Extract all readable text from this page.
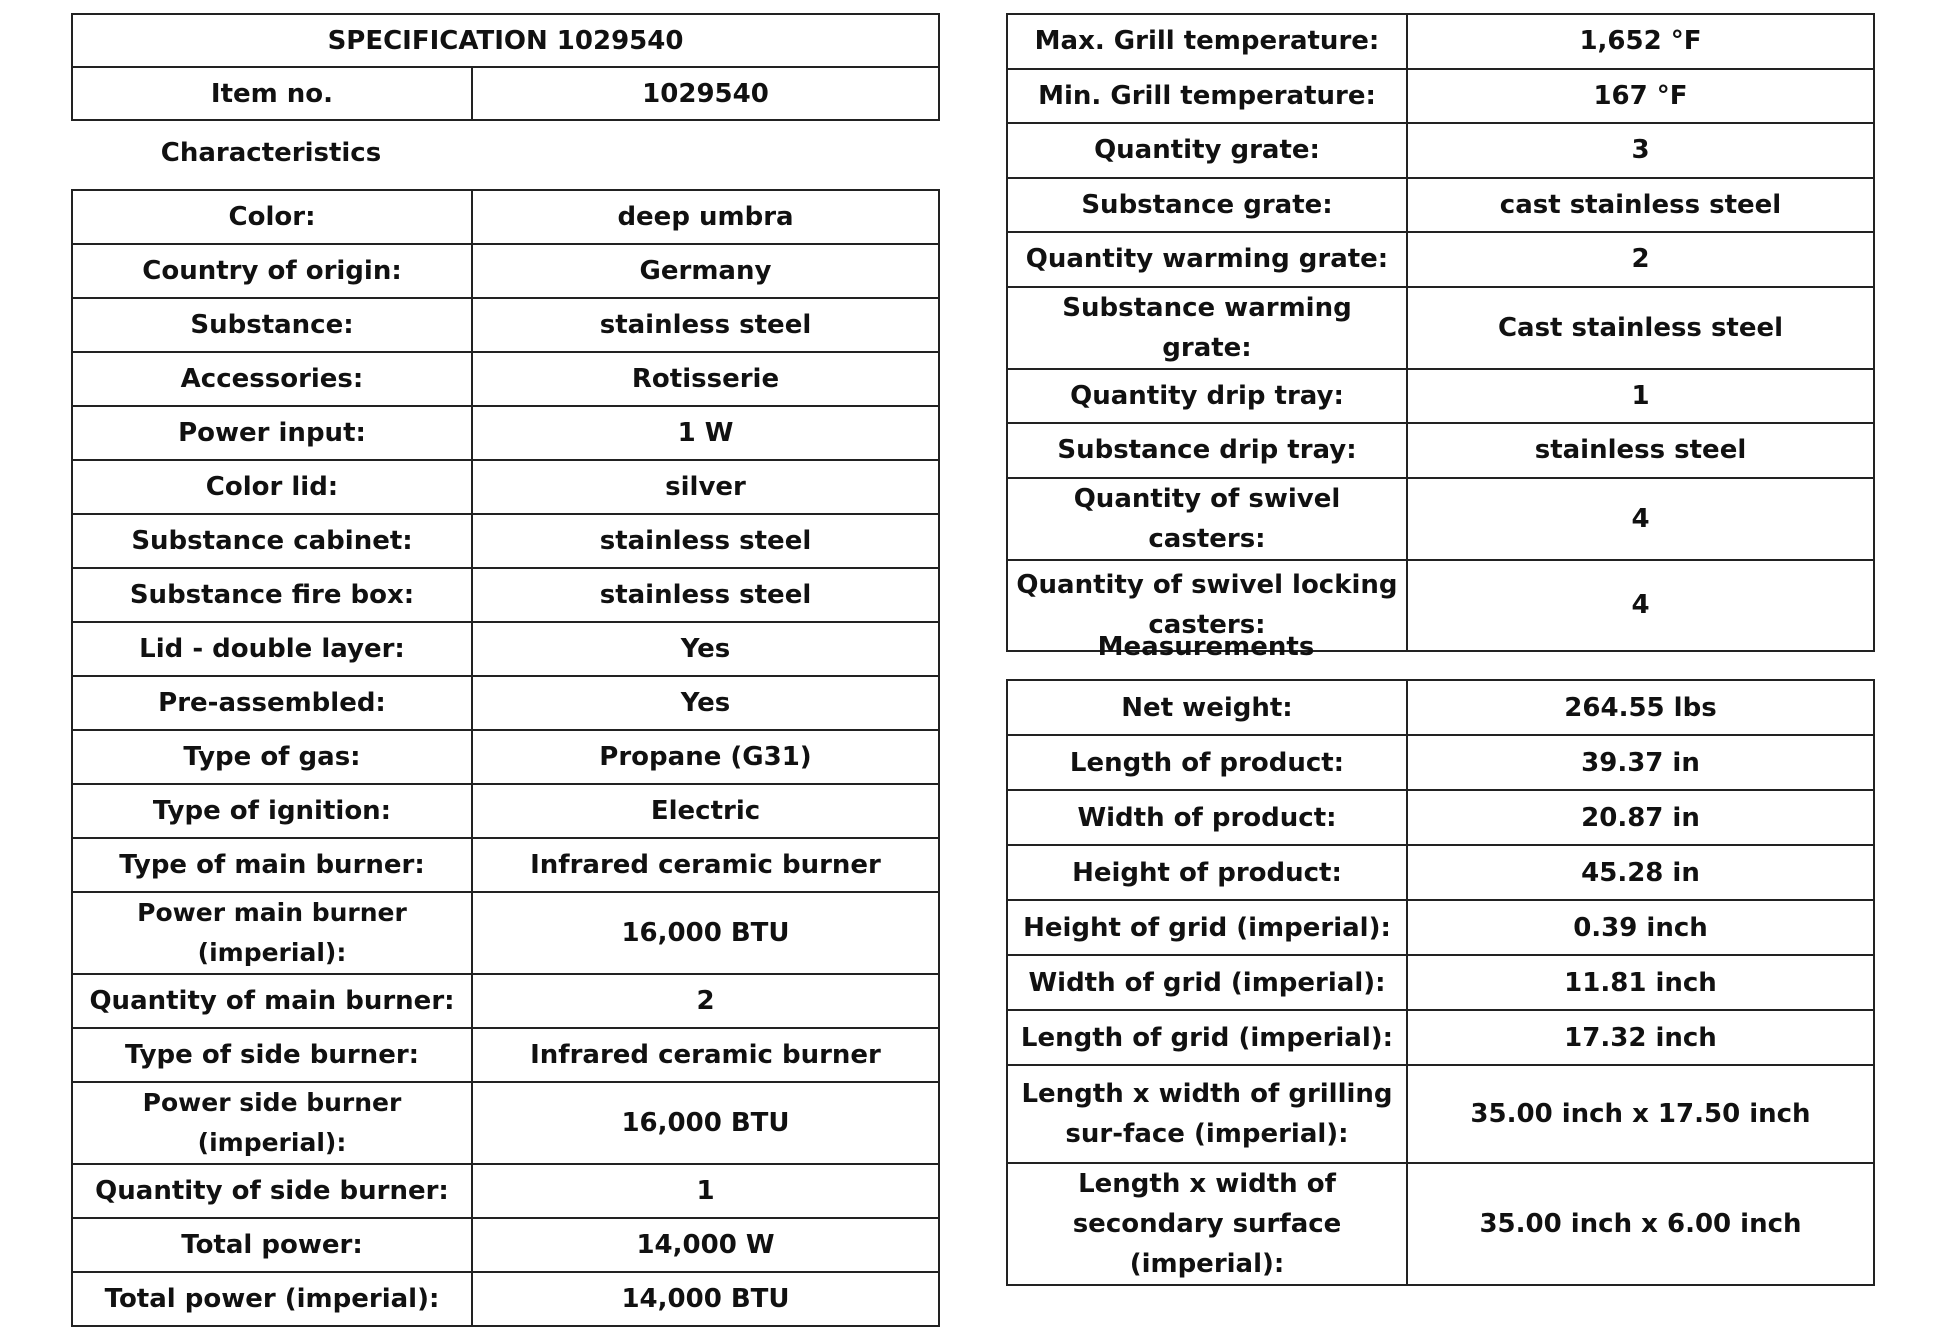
SPECIFICATION 1029540
Item no.	1029540
Characteristics
Color:	deep umbra
Country of origin:	Germany
Substance:	stainless steel
Accessories:	Rotisserie
Power input:	1 W
Color lid:	silver
Substance cabinet:	stainless steel
Substance fire box:	stainless steel
Lid - double layer:	Yes
Pre-assembled:	Yes
Type of gas:	Propane (G31)
Type of ignition:	Electric
Type of main burner:	Infrared ceramic burner
Power main burner (imperial):	16,000 BTU
Quantity of main burner:	2
Type of side burner:	Infrared ceramic burner
Power side burner (imperial):	16,000 BTU
Quantity of side burner:	1
Total power:	14,000 W
Total power (imperial):	14,000 BTU
Max. Grill temperature:	1,652 °F
Min. Grill temperature:	167 °F
Quantity grate:	3
Substance grate:	cast stainless steel
Quantity warming grate:	2
Substance warming grate:	Cast stainless steel
Quantity drip tray:	1
Substance drip tray:	stainless steel
Quantity of swivel casters:	4
Quantity of swivel locking casters:	4
Measurements
Net weight:	264.55 lbs
Length of product:	39.37 in
Width of product:	20.87 in
Height of product:	45.28 in
Height of grid (imperial):	0.39 inch
Width of grid (imperial):	11.81 inch
Length of grid (imperial):	17.32 inch
Length x width of grilling sur-face (imperial):	35.00 inch x 17.50 inch
Length x width of secondary surface (imperial):	35.00 inch x 6.00 inch
